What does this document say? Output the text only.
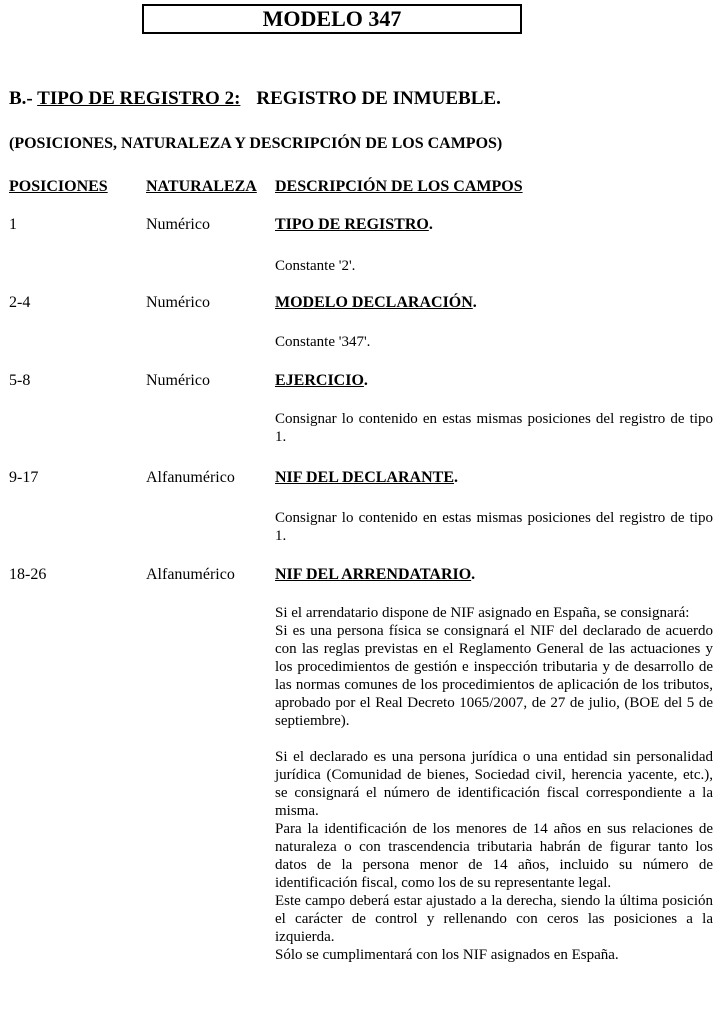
MODELO 347
B.- TIPO DE REGISTRO 2: REGISTRO DE INMUEBLE.
(POSICIONES, NATURALEZA Y DESCRIPCIÓN DE LOS CAMPOS)
POSICIONES NATURALEZA DESCRIPCIÓN DE LOS CAMPOS
1	Numérico	TIPO DE REGISTRO.

Constante '2'.

2-4	Numérico	MODELO DECLARACIÓN.

Constante '347'.

5-8	Numérico	EJERCICIO.

Consignar lo contenido en estas mismas posiciones del registro de tipo 1.

9-17	Alfanumérico	NIF DEL DECLARANTE.

Consignar lo contenido en estas mismas posiciones del registro de tipo 1.

18-26	Alfanumérico	NIF DEL ARRENDATARIO.

Si el arrendatario dispone de NIF asignado en España, se consignará:

Si es una persona física se consignará el NIF del declarado de acuerdo con las reglas previstas en el Reglamento General de las actuaciones y los procedimientos de gestión e inspección tributaria y de desarrollo de las normas comunes de los procedimientos de aplicación de los tributos, aprobado por el Real Decreto 1065/2007, de 27 de julio, (BOE del 5 de septiembre).

Si el declarado es una persona jurídica o una entidad sin personalidad jurídica (Comunidad de bienes, Sociedad civil, herencia yacente, etc.), se consignará el número de identificación fiscal correspondiente a la misma.

Para la identificación de los menores de 14 años en sus relaciones de naturaleza o con trascendencia tributaria habrán de figurar tanto los datos de la persona menor de 14 años, incluido su número de identificación fiscal, como los de su representante legal.

Este campo deberá estar ajustado a la derecha, siendo la última posición el carácter de control y rellenando con ceros las posiciones a la izquierda.

Sólo se cumplimentará con los NIF asignados en España.
